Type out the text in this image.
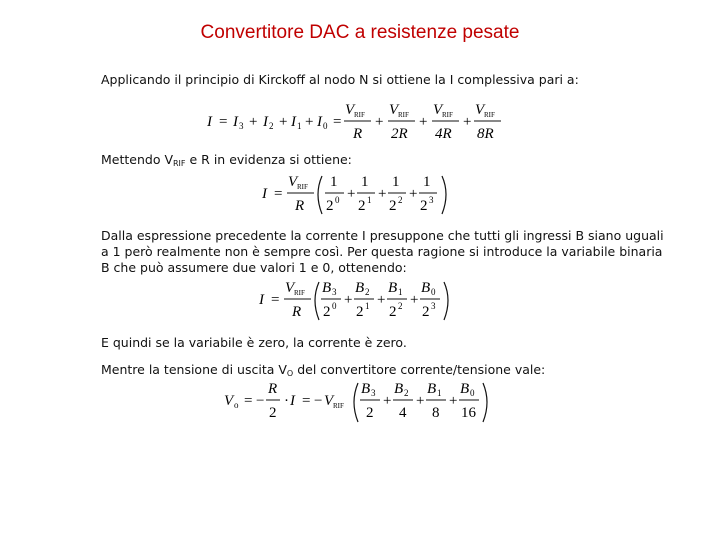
Convertitore DAC a resistenze pesate
Applicando il principio di Kirckoff al nodo N si ottiene la I complessiva pari a:
I = I 3 + I 2 + I 1 + I 0 =
V RIF
R
+
V RIF
2R
+
V RIF
4R
+
V RIF
8R
Mettendo $V_{RIF}$ e R in evidenza si ottiene:
I =
V RIF
R
1
2 0 +
1
2 1 +
1
2 2 +
1
2 3
Dalla espressione precedente la corrente I presuppone che tutti gli ingressi B siano uguali
a 1 però realmente non è sempre così. Per questa ragione si introduce la variabile binaria
B che può assumere due valori 1 e 0, ottenendo:
I =
V RIF
R
B 3
2 0 +
B 2
2 1 +
B 1
2 2 +
B 0
2 3
E quindi se la variabile è zero, la corrente è zero.
Mentre la tensione di uscita $V_O$ del convertitore corrente/tensione vale:
V o = −
R
2
· I = − V RIF
B 3
2
+
B 2
4
+
B 1
8
+
B 0
16
